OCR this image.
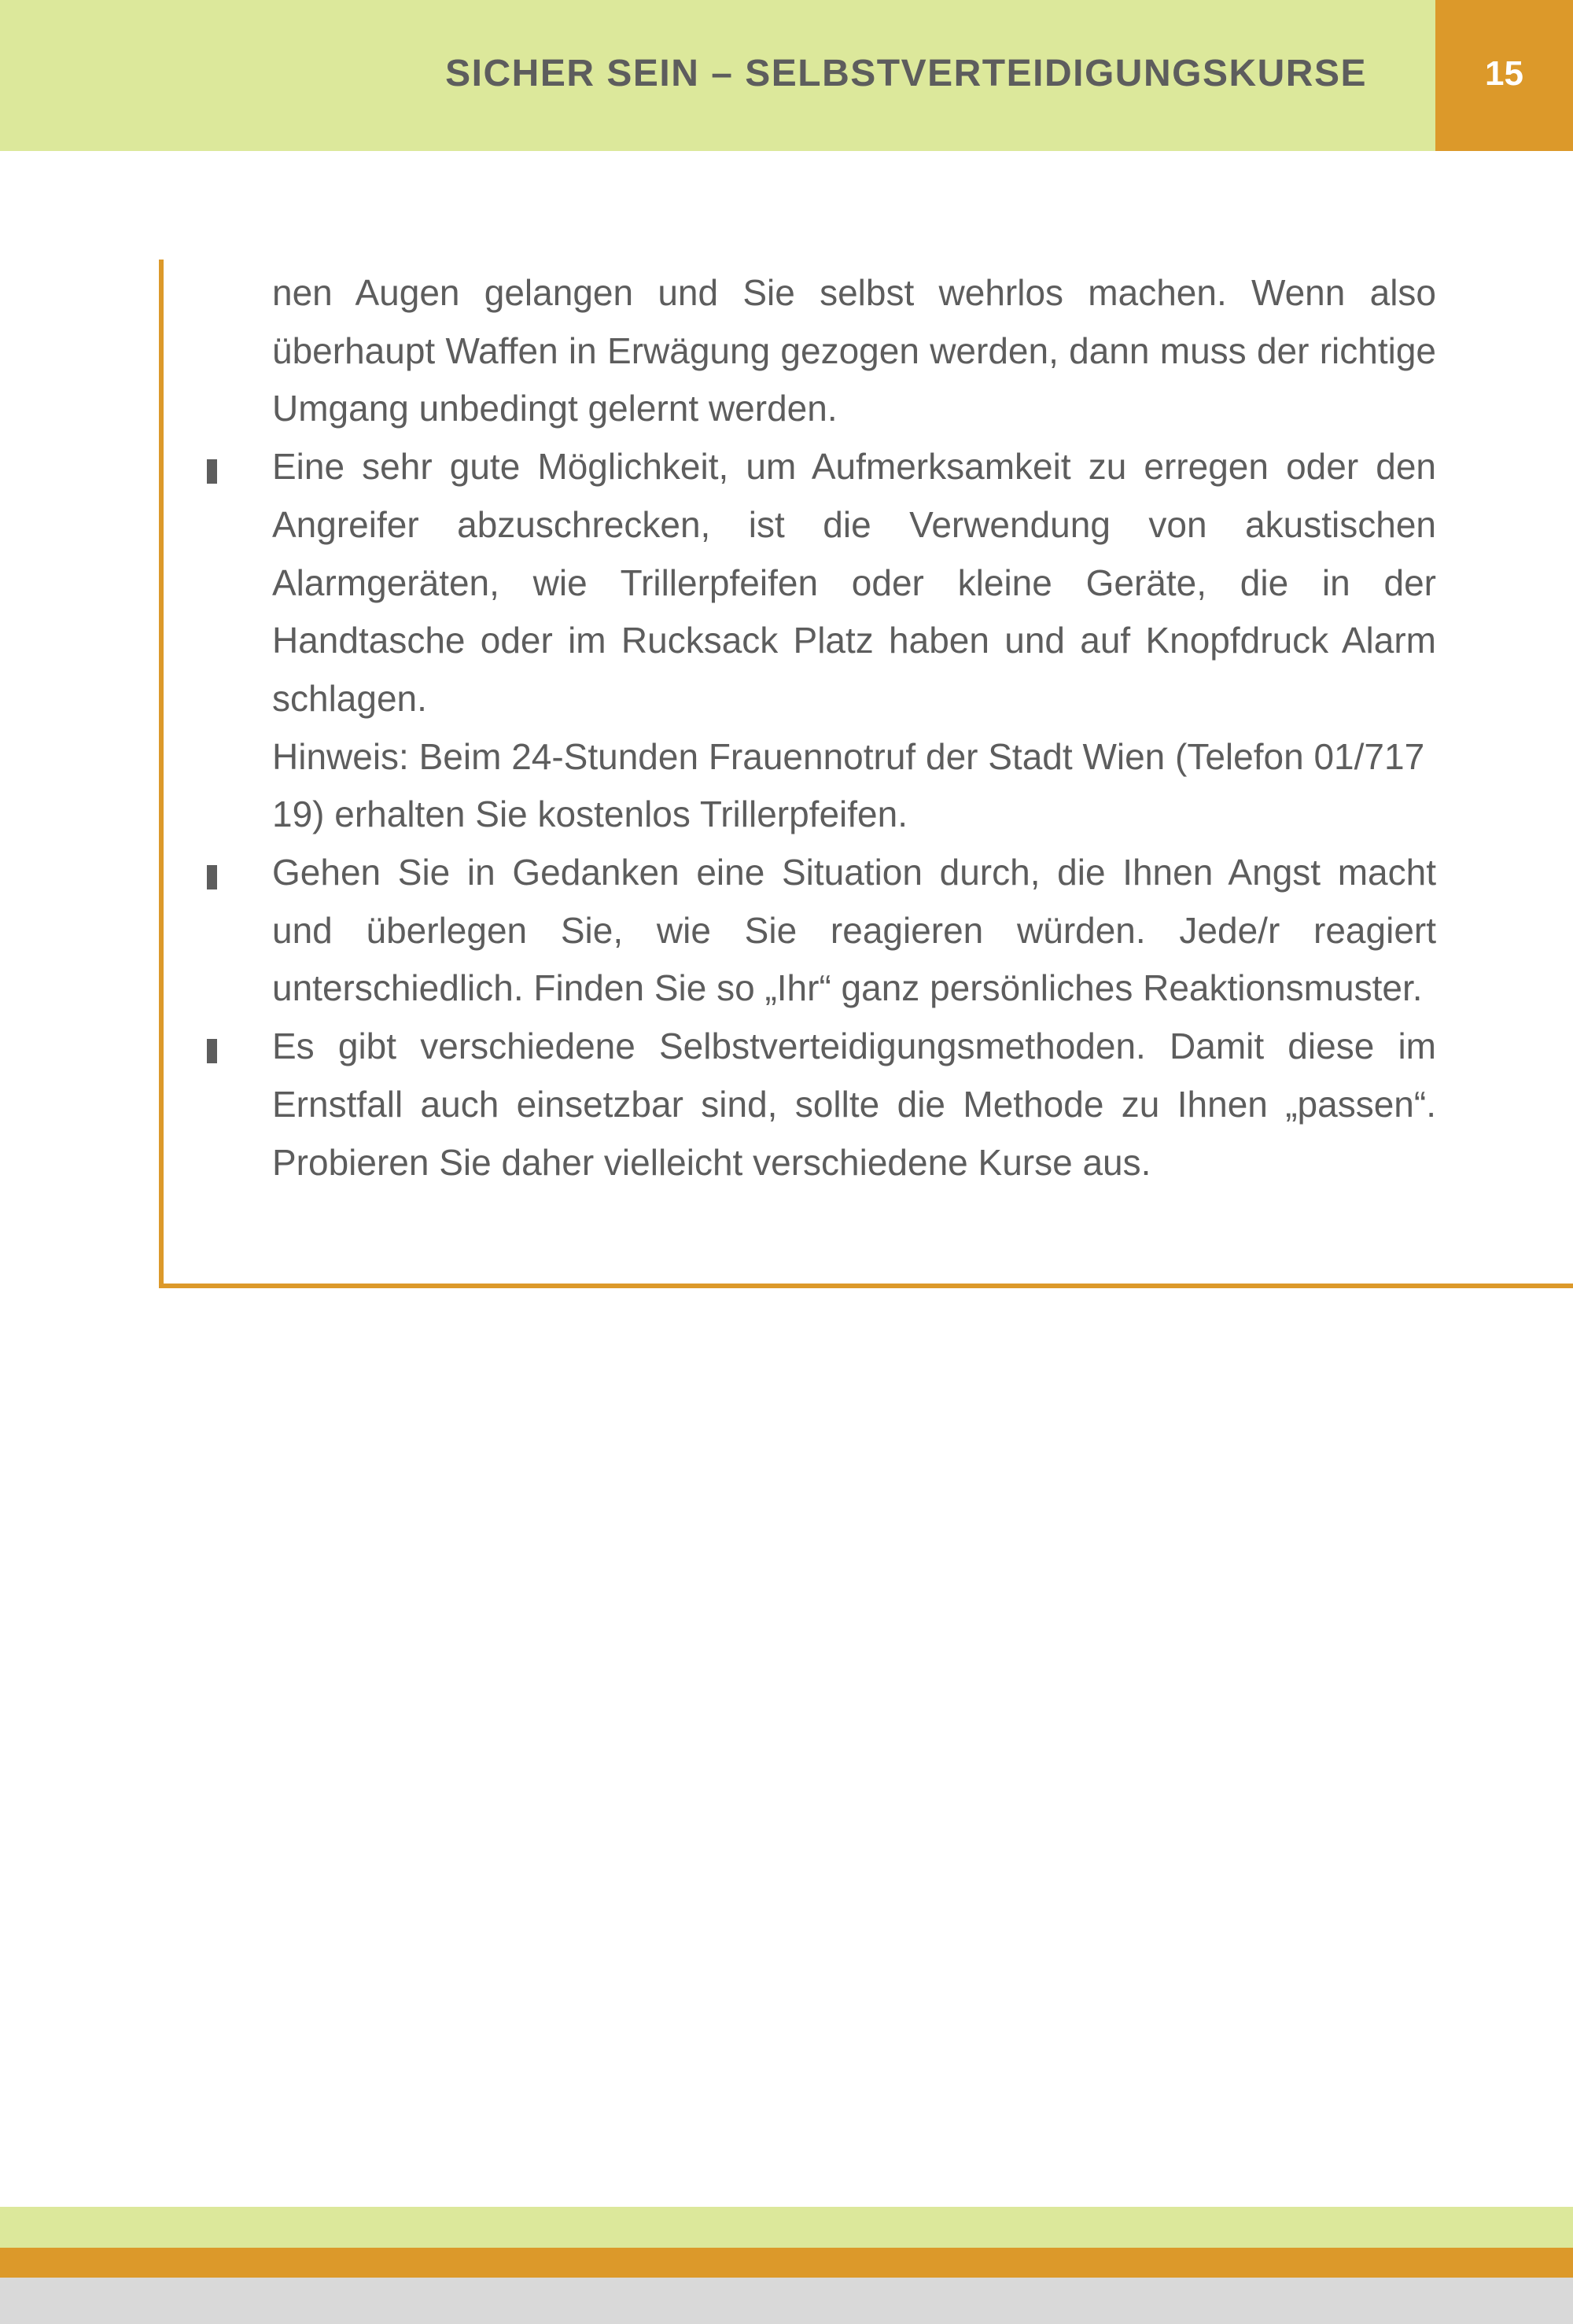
SICHER SEIN – SELBSTVERTEIDIGUNGSKURSE	15

nen Augen gelangen und Sie selbst wehrlos machen. Wenn also überhaupt Waffen in Erwägung gezogen werden, dann muss der richtige Umgang unbedingt gelernt werden.

Eine sehr gute Möglichkeit, um Aufmerksamkeit zu erregen oder den Angreifer abzuschrecken, ist die Verwendung von akustischen Alarmgeräten, wie Trillerpfeifen oder kleine Geräte, die in der Handtasche oder im Rucksack Platz haben und auf Knopfdruck Alarm schlagen.

Hinweis: Beim 24-Stunden Frauennotruf der Stadt Wien (Telefon 01/717 19) erhalten Sie kostenlos Trillerpfeifen.

Gehen Sie in Gedanken eine Situation durch, die Ihnen Angst macht und überlegen Sie, wie Sie reagieren würden. Jede/r reagiert unterschiedlich. Finden Sie so „Ihr“ ganz persönliches Reaktionsmuster.

Es gibt verschiedene Selbstverteidigungsmethoden. Damit diese im Ernstfall auch einsetzbar sind, sollte die Methode zu Ihnen „passen“. Probieren Sie daher vielleicht verschiedene Kurse aus.
